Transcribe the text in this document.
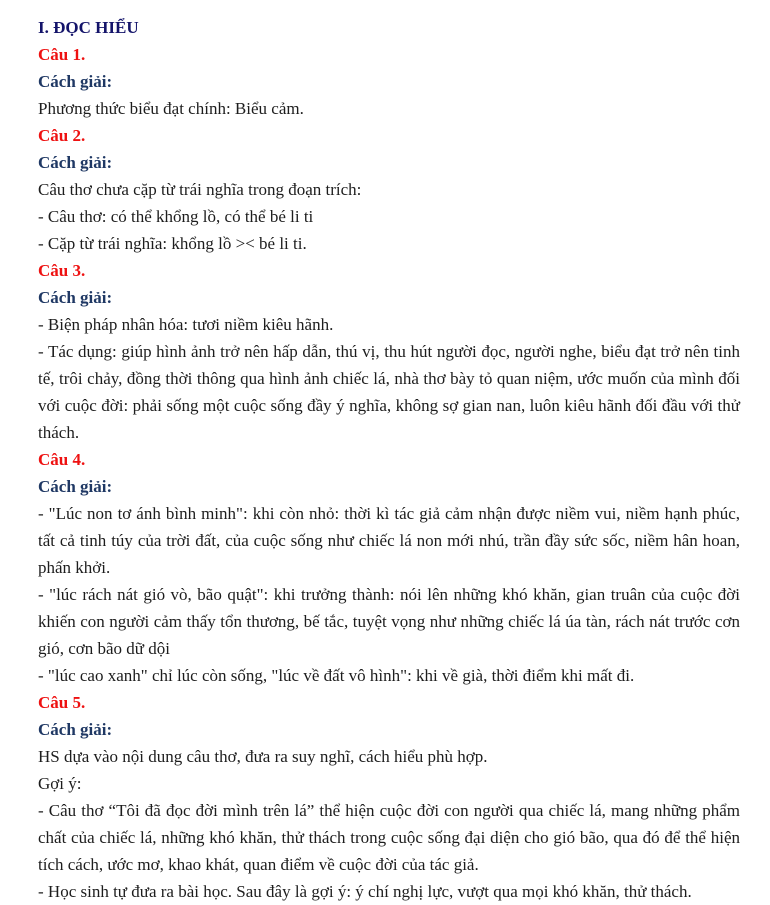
I. ĐỌC HIỂU
Câu 1.
Cách giải:

Phương thức biểu đạt chính: Biểu cảm.

Câu 2.
Cách giải:

Câu thơ chưa cặp từ trái nghĩa trong đoạn trích:

- Câu thơ: có thể khổng lồ, có thể bé li ti

- Cặp từ trái nghĩa: khổng lồ >< bé li ti.

Câu 3.
Cách giải:

- Biện pháp nhân hóa: tươi niềm kiêu hãnh.

- Tác dụng: giúp hình ảnh trở nên hấp dẫn, thú vị, thu hút người đọc, người nghe, biểu đạt trở nên tinh tế, trôi chảy, đồng thời thông qua hình ảnh chiếc lá, nhà thơ bày tỏ quan niệm, ước muốn của mình đối với cuộc đời: phải sống một cuộc sống đầy ý nghĩa, không sợ gian nan, luôn kiêu hãnh đối đầu với thử thách.

Câu 4.
Cách giải:

- "Lúc non tơ ánh bình minh": khi còn nhỏ: thời kì tác giả cảm nhận được niềm vui, niềm hạnh phúc, tất cả tinh túy của trời đất, của cuộc sống như chiếc lá non mới nhú, trần đầy sức sốc, niềm hân hoan, phấn khởi.

- "lúc rách nát gió vò, bão quật": khi trưởng thành: nói lên những khó khăn, gian truân của cuộc đời khiến con người cảm thấy tổn thương, bế tắc, tuyệt vọng như những chiếc lá úa tàn, rách nát trước cơn gió, cơn bão dữ dội

- "lúc cao xanh" chỉ lúc còn sống, "lúc về đất vô hình": khi về già, thời điểm khi mất đi.

Câu 5.
Cách giải:

HS dựa vào nội dung câu thơ, đưa ra suy nghĩ, cách hiểu phù hợp.

Gợi ý:

- Câu thơ “Tôi đã đọc đời mình trên lá” thể hiện cuộc đời con người qua chiếc lá, mang những phẩm chất của chiếc lá, những khó khăn, thử thách trong cuộc sống đại diện cho gió bão, qua đó để thể hiện tích cách, ước mơ, khao khát, quan điểm về cuộc đời của tác giả.

- Học sinh tự đưa ra bài học. Sau đây là gợi ý: ý chí nghị lực, vượt qua mọi khó khăn, thử thách.
